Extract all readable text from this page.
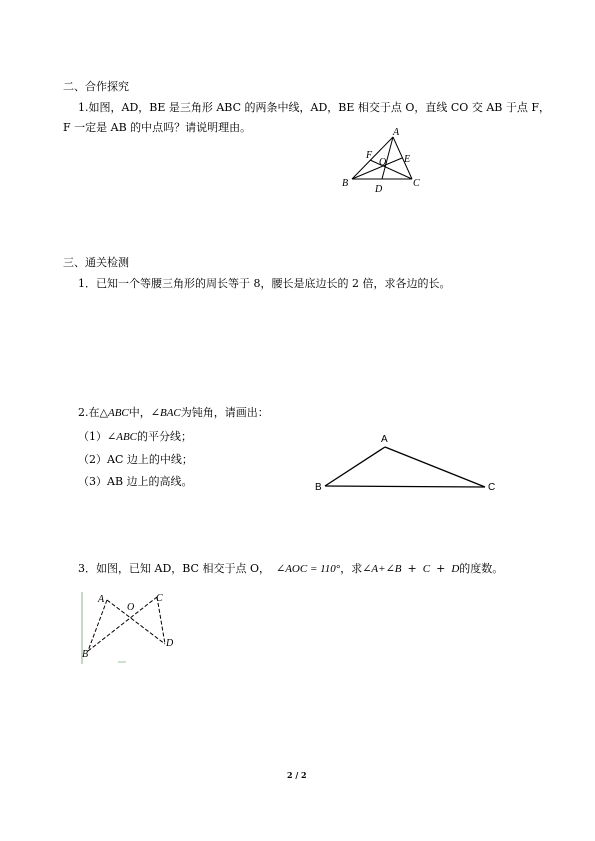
二、合作探究
1.如图，AD，BE 是三角形 ABC 的两条中线，AD，BE 相交于点 O，直线 CO 交 AB 于点 F，
F 一定是 AB 的中点吗？请说明理由。	A
F
O E
B
D
C
三、通关检测
1．已知一个等腰三角形的周长等于 8，腰长是底边长的 2 倍，求各边的长。
2.在△ABC中，∠BAC为钝角，请画出：
（1）∠ABC的平分线；
（2）AC 边上的中线；
（3）AB 边上的高线。
A
B	C
3．如图，已知 AD，BC 相交于点 O， ∠AOC = 110°，求∠A+∠B + C + D的度数。
A
O
C
B
D
2 / 2
